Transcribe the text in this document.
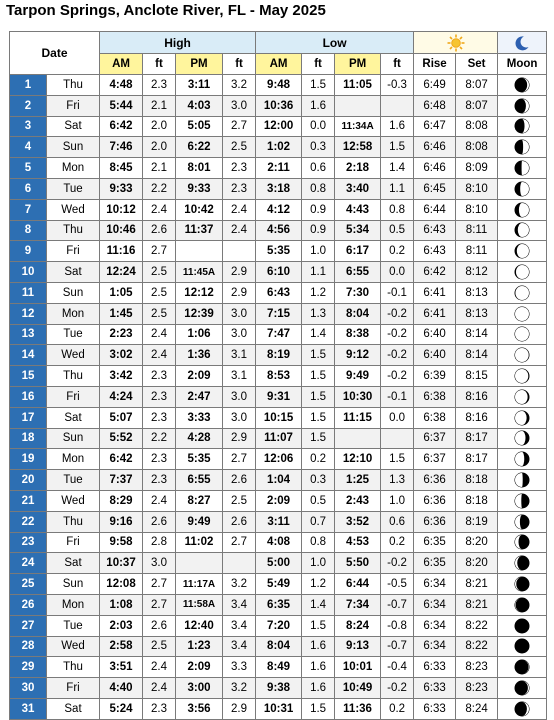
Tarpon Springs, Anclote River, FL - May 2025
Date		High				Low	

		AM	ft	PM	ft	AM	ft	PM	ft	Rise	Set	Moon
1	Thu	4:48	2.3	3:11	3.2	9:48	1.5	11:05	-0.3	6:49	8:07	

2	Fri	5:44	2.1	4:03	3.0	10:36	1.6			6:48	8:07	

3	Sat	6:42	2.0	5:05	2.7	12:00	0.0	11:34A	1.6	6:47	8:08	

4	Sun	7:46	2.0	6:22	2.5	1:02	0.3	12:58	1.5	6:46	8:08	

5	Mon	8:45	2.1	8:01	2.3	2:11	0.6	2:18	1.4	6:46	8:09	

6	Tue	9:33	2.2	9:33	2.3	3:18	0.8	3:40	1.1	6:45	8:10	

7	Wed	10:12	2.4	10:42	2.4	4:12	0.9	4:43	0.8	6:44	8:10	

8	Thu	10:46	2.6	11:37	2.4	4:56	0.9	5:34	0.5	6:43	8:11	

9	Fri	11:16	2.7			5:35	1.0	6:17	0.2	6:43	8:11	

10	Sat	12:24	2.5	11:45A	2.9	6:10	1.1	6:55	0.0	6:42	8:12	

11	Sun	1:05	2.5	12:12	2.9	6:43	1.2	7:30	-0.1	6:41	8:13	

12	Mon	1:45	2.5	12:39	3.0	7:15	1.3	8:04	-0.2	6:41	8:13	

13	Tue	2:23	2.4	1:06	3.0	7:47	1.4	8:38	-0.2	6:40	8:14	

14	Wed	3:02	2.4	1:36	3.1	8:19	1.5	9:12	-0.2	6:40	8:14	

15	Thu	3:42	2.3	2:09	3.1	8:53	1.5	9:49	-0.2	6:39	8:15	

16	Fri	4:24	2.3	2:47	3.0	9:31	1.5	10:30	-0.1	6:38	8:16	

17	Sat	5:07	2.3	3:33	3.0	10:15	1.5	11:15	0.0	6:38	8:16	

18	Sun	5:52	2.2	4:28	2.9	11:07	1.5			6:37	8:17	

19	Mon	6:42	2.3	5:35	2.7	12:06	0.2	12:10	1.5	6:37	8:17	

20	Tue	7:37	2.3	6:55	2.6	1:04	0.3	1:25	1.3	6:36	8:18	

21	Wed	8:29	2.4	8:27	2.5	2:09	0.5	2:43	1.0	6:36	8:18	

22	Thu	9:16	2.6	9:49	2.6	3:11	0.7	3:52	0.6	6:36	8:19	

23	Fri	9:58	2.8	11:02	2.7	4:08	0.8	4:53	0.2	6:35	8:20	

24	Sat	10:37	3.0			5:00	1.0	5:50	-0.2	6:35	8:20	

25	Sun	12:08	2.7	11:17A	3.2	5:49	1.2	6:44	-0.5	6:34	8:21	

26	Mon	1:08	2.7	11:58A	3.4	6:35	1.4	7:34	-0.7	6:34	8:21	

27	Tue	2:03	2.6	12:40	3.4	7:20	1.5	8:24	-0.8	6:34	8:22	

28	Wed	2:58	2.5	1:23	3.4	8:04	1.6	9:13	-0.7	6:34	8:22	

29	Thu	3:51	2.4	2:09	3.3	8:49	1.6	10:01	-0.4	6:33	8:23	

30	Fri	4:40	2.4	3:00	3.2	9:38	1.6	10:49	-0.2	6:33	8:23	

31	Sat	5:24	2.3	3:56	2.9	10:31	1.5	11:36	0.2	6:33	8:24	
